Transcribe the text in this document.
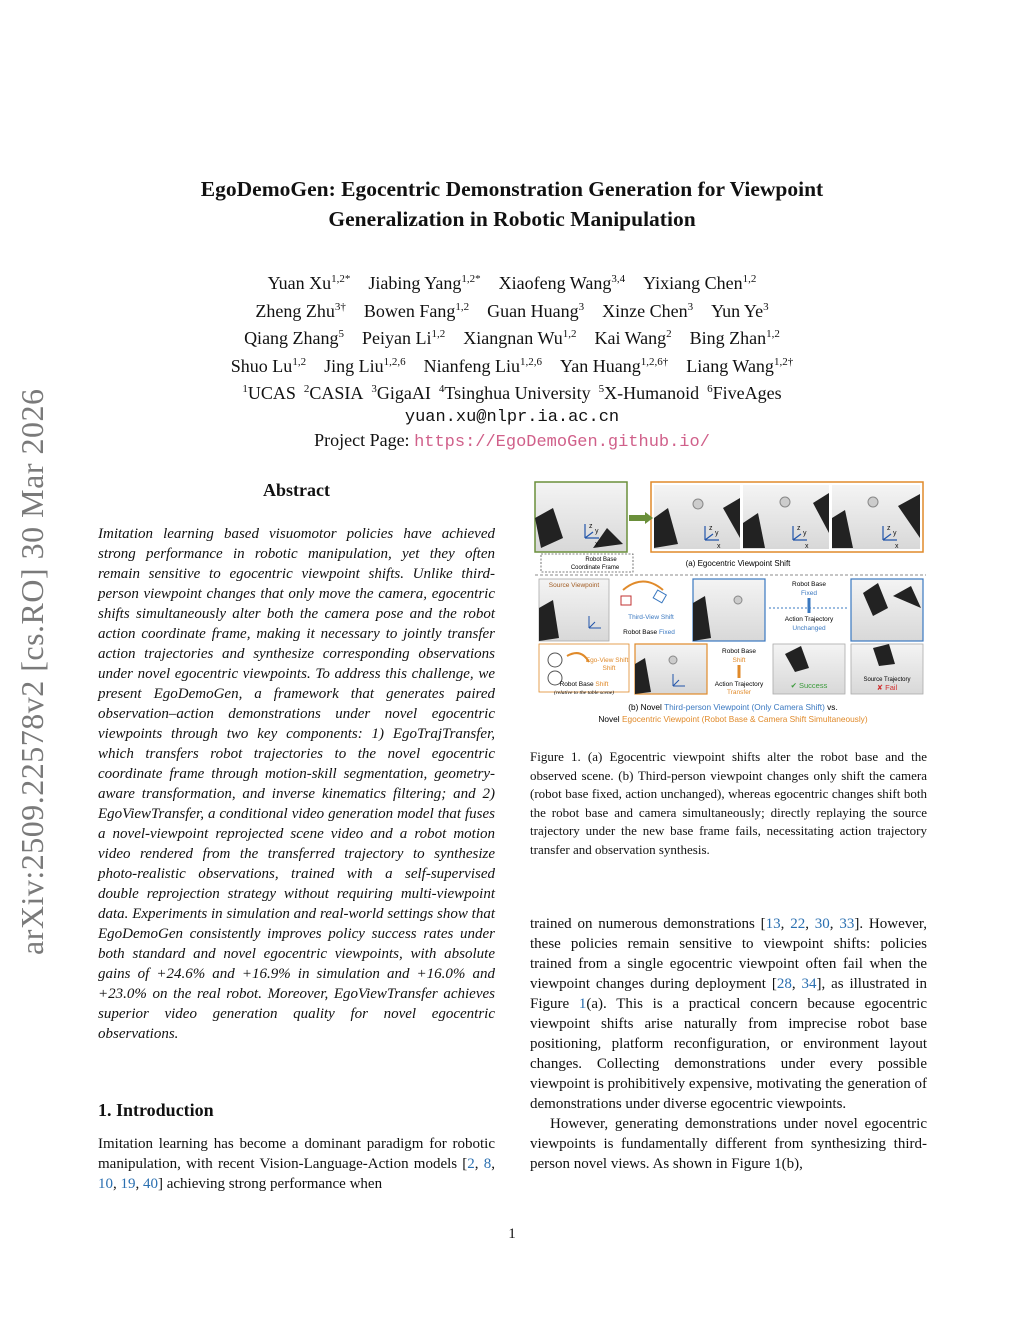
arXiv:2509.22578v2 [cs.RO] 30 Mar 2026
EgoDemoGen: Egocentric Demonstration Generation for Viewpoint
Generalization in Robotic Manipulation
Yuan $Xu^{1,2*}$ Jiabing Yang$^{1,2*}$ Xiaofeng Wang$^{3,4}$ Yixiang Chen$^{1,2}$
Zheng Zhu$^{3\dagger}$ Bowen Fang$^{1,2}$ Guan Huang$^3$ Xinze Chen$^3$ Yun Ye$^3$
Qiang Zhang$^5$ Peiyan Li$^{1,2}$ Xiangnan Wu$^{1,2}$ Kai Wang$^2$ Bing Zhan$^{1,2}$
Shuo Lu$^{1,2}$ Jing Liu$^{1,2,6}$ Nianfeng Liu$^{1,2,6}$ Yan Huang$^{1,2,6\dagger}$ Liang Wang$^{1,2\dagger}$
$^1$UCAS $^2$CASIA $^3$GigaAI $^4$Tsinghua University $^5$X-Humanoid $^6$FiveAges
yuan.xu@nlpr.ia.ac.cn
Project Page: https://EgoDemoGen.github.io/
Abstract
Imitation learning based visuomotor policies have achieved strong performance in robotic manipulation, yet they often remain sensitive to egocentric viewpoint shifts. Unlike third-person viewpoint changes that only move the camera, egocentric shifts simultaneously alter both the camera pose and the robot action coordinate frame, making it necessary to jointly transfer action trajectories and synthesize corresponding observations under novel egocentric viewpoints. To address this challenge, we present EgoDemoGen, a framework that generates paired observation–action demonstrations under novel egocentric viewpoints through two key components: 1) EgoTrajTransfer, which transfers robot trajectories to the novel egocentric coordinate frame through motion-skill segmentation, geometry-aware transformation, and inverse kinematics filtering; and 2) EgoViewTransfer, a conditional video generation model that fuses a novel-viewpoint reprojected scene video and a robot motion video rendered from the transferred trajectory to synthesize photo-realistic observations, trained with a self-supervised double reprojection strategy without requiring multi-viewpoint data. Experiments in simulation and real-world settings show that EgoDemoGen consistently improves policy success rates under both standard and novel egocentric viewpoints, with absolute gains of +24.6% and +16.9% in simulation and +16.0% and +23.0% on the real robot. Moreover, EgoViewTransfer achieves superior video generation quality for novel egocentric observations.
1. Introduction
Imitation learning has become a dominant paradigm for robotic manipulation, with recent Vision-Language-Action models [2, 8, 10, 19, 40] achieving strong performance when
z
y
x
z
y
x
z
y
x
z
y
x
Robot Base
Coordinate Frame	(a) Egocentric Viewpoint Shift
Source Viewpoint
Third-View Shift
Robot Base Fixed
Robot Base
Fixed
Action Trajectory
Unchanged
Ego-View Shift
Shift
Robot Base Shift
(relative to the table scene)
Robot Base
Shift
Action Trajectory
Transfer
✔ Success
Source Trajectory
✘ Fail
(b) Novel Third-person Viewpoint (Only Camera Shift) vs.
Novel Egocentric Viewpoint (Robot Base & Camera Shift Simultaneously)
Figure 1. (a) Egocentric viewpoint shifts alter the robot base and the observed scene. (b) Third-person viewpoint changes only shift the camera (robot base fixed, action unchanged), whereas egocentric changes shift both the robot base and camera simultaneously; directly replaying the source trajectory under the new base frame fails, necessitating action trajectory transfer and observation synthesis.
trained on numerous demonstrations [13, 22, 30, 33]. However, these policies remain sensitive to viewpoint shifts: policies trained from a single egocentric viewpoint often fail when the viewpoint changes during deployment [28, 34], as illustrated in Figure 1(a). This is a practical concern because egocentric viewpoint shifts arise naturally from imprecise robot base positioning, platform reconfiguration, or environment layout changes. Collecting demonstrations under every possible viewpoint is prohibitively expensive, motivating the generation of demonstrations under diverse egocentric viewpoints.
However, generating demonstrations under novel egocentric viewpoints is fundamentally different from synthesizing third-person novel views. As shown in Figure 1(b),
1
